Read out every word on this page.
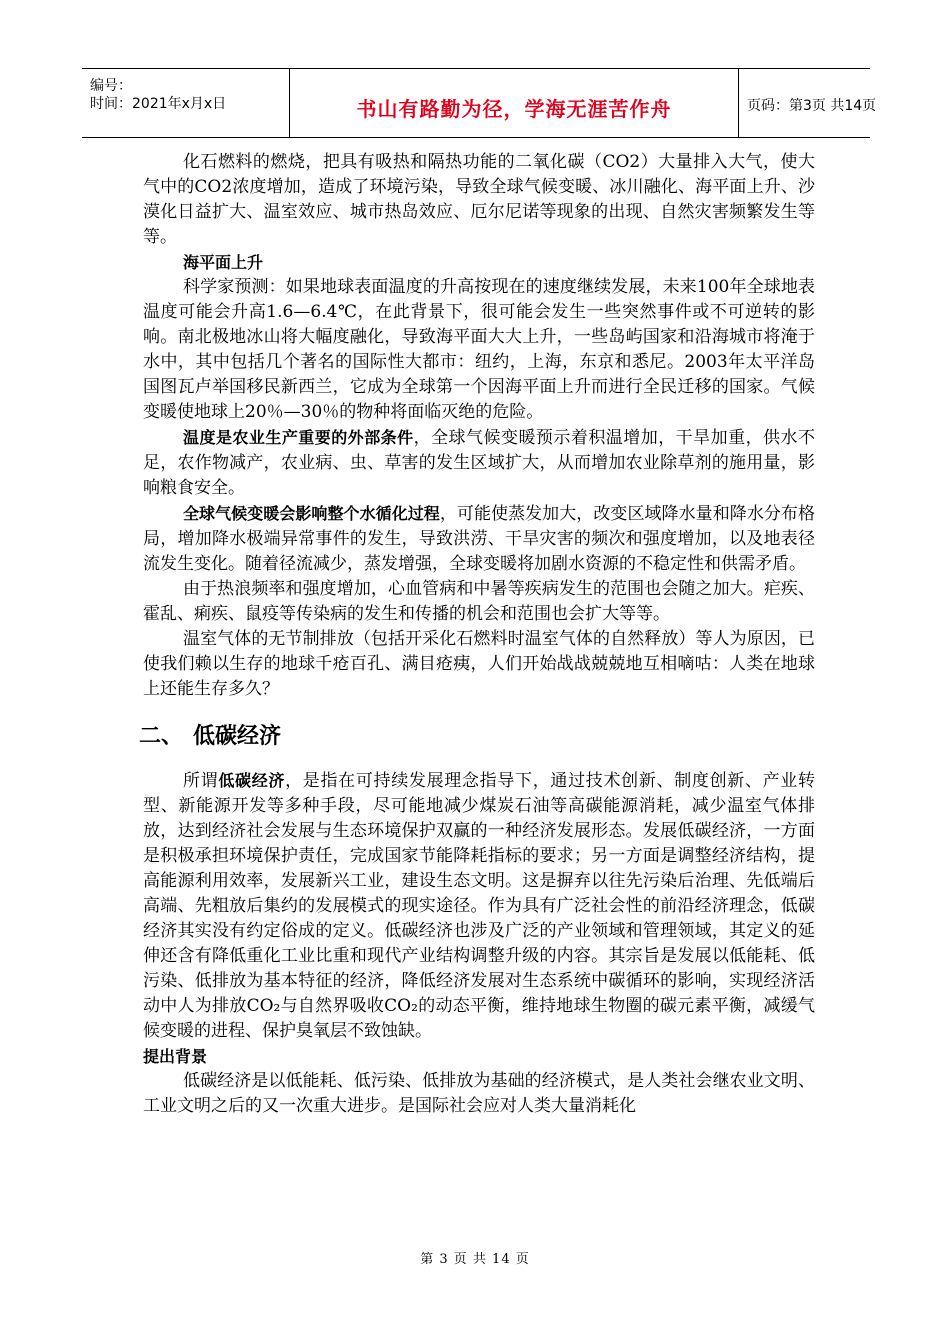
编号：
时间：2021年x月x日	书山有路勤为径，学海无涯苦作舟	页码：第3页 共14页

化石燃料的燃烧，把具有吸热和隔热功能的二氧化碳（CO2）大量排入大气，使大气中的CO2浓度增加，造成了环境污染，导致全球气候变暖、冰川融化、海平面上升、沙漠化日益扩大、温室效应、城市热岛效应、厄尔尼诺等现象的出现、自然灾害频繁发生等等。

海平面上升

科学家预测：如果地球表面温度的升高按现在的速度继续发展，未来100年全球地表温度可能会升高1.6—6.4℃，在此背景下，很可能会发生一些突然事件或不可逆转的影响。南北极地冰山将大幅度融化，导致海平面大大上升，一些岛屿国家和沿海城市将淹于水中，其中包括几个著名的国际性大都市：纽约，上海，东京和悉尼。2003年太平洋岛国图瓦卢举国移民新西兰，它成为全球第一个因海平面上升而进行全民迁移的国家。气候变暖使地球上20％—30％的物种将面临灭绝的危险。

温度是农业生产重要的外部条件，全球气候变暖预示着积温增加，干旱加重，供水不足，农作物减产，农业病、虫、草害的发生区域扩大，从而增加农业除草剂的施用量，影响粮食安全。

全球气候变暖会影响整个水循化过程，可能使蒸发加大，改变区域降水量和降水分布格局，增加降水极端异常事件的发生，导致洪涝、干旱灾害的频次和强度增加，以及地表径流发生变化。随着径流减少，蒸发增强，全球变暖将加剧水资源的不稳定性和供需矛盾。

由于热浪频率和强度增加，心血管病和中暑等疾病发生的范围也会随之加大。疟疾、霍乱、痢疾、鼠疫等传染病的发生和传播的机会和范围也会扩大等等。

温室气体的无节制排放（包括开采化石燃料时温室气体的自然释放）等人为原因，已使我们赖以生存的地球千疮百孔、满目疮痍，人们开始战战兢兢地互相嘀咕：人类在地球上还能生存多久？

二、 低碳经济

所谓低碳经济，是指在可持续发展理念指导下，通过技术创新、制度创新、产业转型、新能源开发等多种手段，尽可能地减少煤炭石油等高碳能源消耗，减少温室气体排放，达到经济社会发展与生态环境保护双赢的一种经济发展形态。发展低碳经济，一方面是积极承担环境保护责任，完成国家节能降耗指标的要求；另一方面是调整经济结构，提高能源利用效率，发展新兴工业，建设生态文明。这是摒弃以往先污染后治理、先低端后高端、先粗放后集约的发展模式的现实途径。作为具有广泛社会性的前沿经济理念，低碳经济其实没有约定俗成的定义。低碳经济也涉及广泛的产业领域和管理领域，其定义的延伸还含有降低重化工业比重和现代产业结构调整升级的内容。其宗旨是发展以低能耗、低污染、低排放为基本特征的经济，降低经济发展对生态系统中碳循环的影响，实现经济活动中人为排放CO₂与自然界吸收CO₂的动态平衡，维持地球生物圈的碳元素平衡，减缓气候变暖的进程、保护臭氧层不致蚀缺。

提出背景

低碳经济是以低能耗、低污染、低排放为基础的经济模式，是人类社会继农业文明、工业文明之后的又一次重大进步。是国际社会应对人类大量消耗化

第 3 页 共 14 页
